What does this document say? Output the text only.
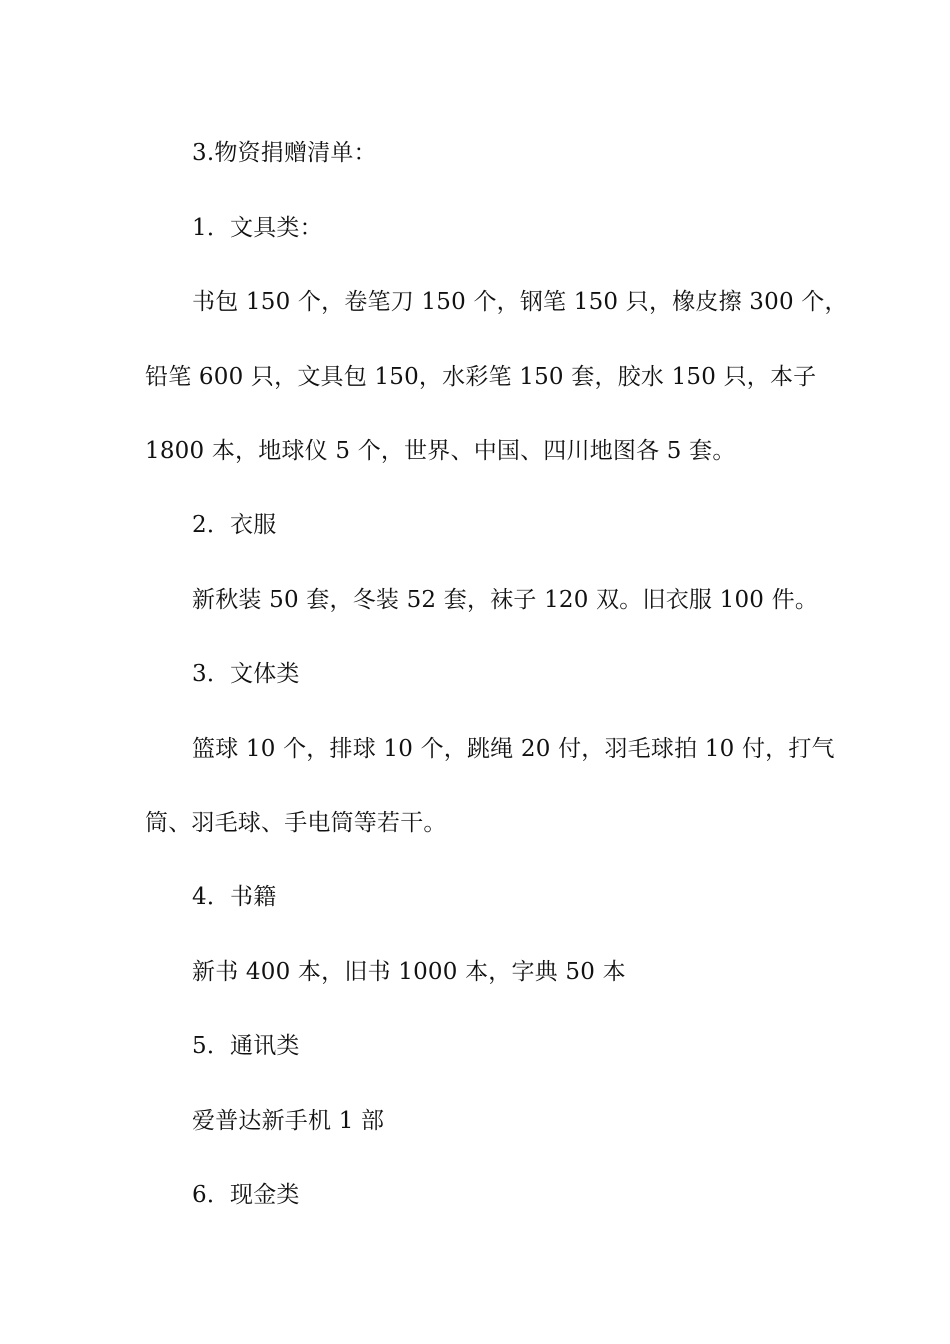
3.物资捐赠清单：
1．文具类：
书包 150 个，卷笔刀 150 个，钢笔 150 只，橡皮擦 300 个，
铅笔 600 只，文具包 150，水彩笔 150 套，胶水 150 只，本子
1800 本，地球仪 5 个，世界、中国、四川地图各 5 套。
2．衣服
新秋装 50 套，冬装 52 套，袜子 120 双。旧衣服 100 件。
3．文体类
篮球 10 个，排球 10 个，跳绳 20 付，羽毛球拍 10 付，打气
筒、羽毛球、手电筒等若干。
4．书籍
新书 400 本，旧书 1000 本，字典 50 本
5．通讯类
爱普达新手机 1 部
6．现金类
